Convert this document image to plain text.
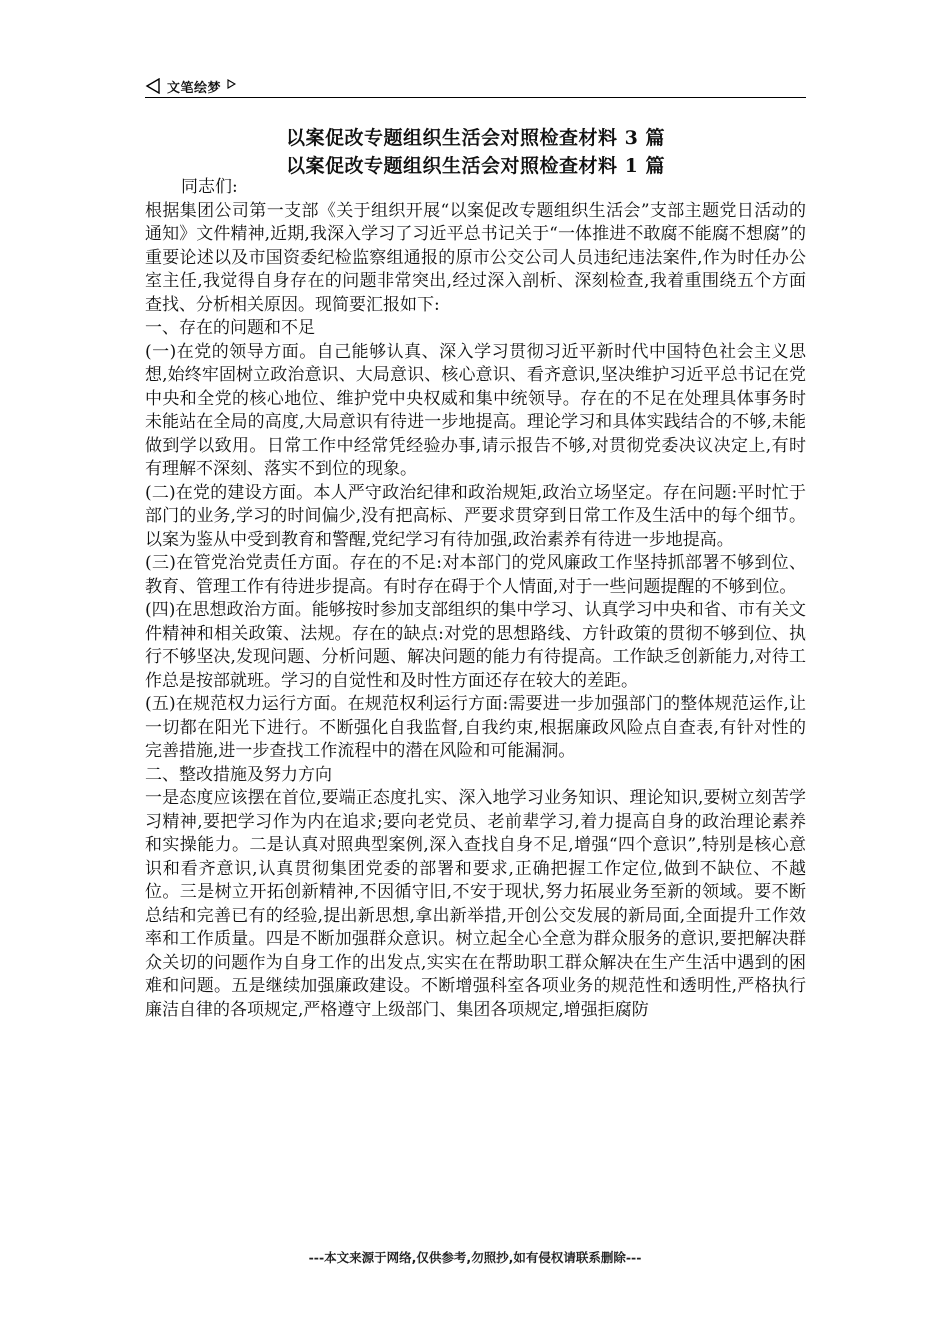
文笔绘梦
以案促改专题组织生活会对照检查材料 3 篇
以案促改专题组织生活会对照检查材料 1 篇

同志们:

根据集团公司第一支部《关于组织开展“以案促改专题组织生活会”支部主题党日活动的通知》文件精神,近期,我深入学习了习近平总书记关于“一体推进不敢腐不能腐不想腐”的重要论述以及市国资委纪检监察组通报的原市公交公司人员违纪违法案件,作为时任办公室主任,我觉得自身存在的问题非常突出,经过深入剖析、深刻检查,我着重围绕五个方面查找、分析相关原因。现简要汇报如下:

一、存在的问题和不足

(一)在党的领导方面。自己能够认真、深入学习贯彻习近平新时代中国特色社会主义思想,始终牢固树立政治意识、大局意识、核心意识、看齐意识,坚决维护习近平总书记在党中央和全党的核心地位、维护党中央权威和集中统领导。存在的不足在处理具体事务时未能站在全局的高度,大局意识有待进一步地提高。理论学习和具体实践结合的不够,未能做到学以致用。日常工作中经常凭经验办事,请示报告不够,对贯彻党委决议决定上,有时有理解不深刻、落实不到位的现象。

(二)在党的建设方面。本人严守政治纪律和政治规矩,政治立场坚定。存在问题:平时忙于部门的业务,学习的时间偏少,没有把高标、严要求贯穿到日常工作及生活中的每个细节。以案为鉴从中受到教育和警醒,党纪学习有待加强,政治素养有待进一步地提高。

(三)在管党治党责任方面。存在的不足:对本部门的党风廉政工作坚持抓部署不够到位、教育、管理工作有待进步提高。有时存在碍于个人情面,对于一些问题提醒的不够到位。

(四)在思想政治方面。能够按时参加支部组织的集中学习、认真学习中央和省、市有关文件精神和相关政策、法规。存在的缺点:对党的思想路线、方针政策的贯彻不够到位、执行不够坚决,发现问题、分析问题、解决问题的能力有待提高。工作缺乏创新能力,对待工作总是按部就班。学习的自觉性和及时性方面还存在较大的差距。

(五)在规范权力运行方面。在规范权利运行方面:需要进一步加强部门的整体规范运作,让一切都在阳光下进行。不断强化自我监督,自我约束,根据廉政风险点自查表,有针对性的完善措施,进一步查找工作流程中的潜在风险和可能漏洞。

二、整改措施及努力方向

一是态度应该摆在首位,要端正态度扎实、深入地学习业务知识、理论知识,要树立刻苦学习精神,要把学习作为内在追求;要向老党员、老前辈学习,着力提高自身的政治理论素养和实操能力。二是认真对照典型案例,深入查找自身不足,增强“四个意识”,特别是核心意识和看齐意识,认真贯彻集团党委的部署和要求,正确把握工作定位,做到不缺位、不越位。三是树立开拓创新精神,不因循守旧,不安于现状,努力拓展业务至新的领域。要不断总结和完善已有的经验,提出新思想,拿出新举措,开创公交发展的新局面,全面提升工作效率和工作质量。四是不断加强群众意识。树立起全心全意为群众服务的意识,要把解决群众关切的问题作为自身工作的出发点,实实在在帮助职工群众解决在生产生活中遇到的困难和问题。五是继续加强廉政建设。不断增强科室各项业务的规范性和透明性,严格执行廉洁自律的各项规定,严格遵守上级部门、集团各项规定,增强拒腐防

---本文来源于网络,仅供参考,勿照抄,如有侵权请联系删除---
